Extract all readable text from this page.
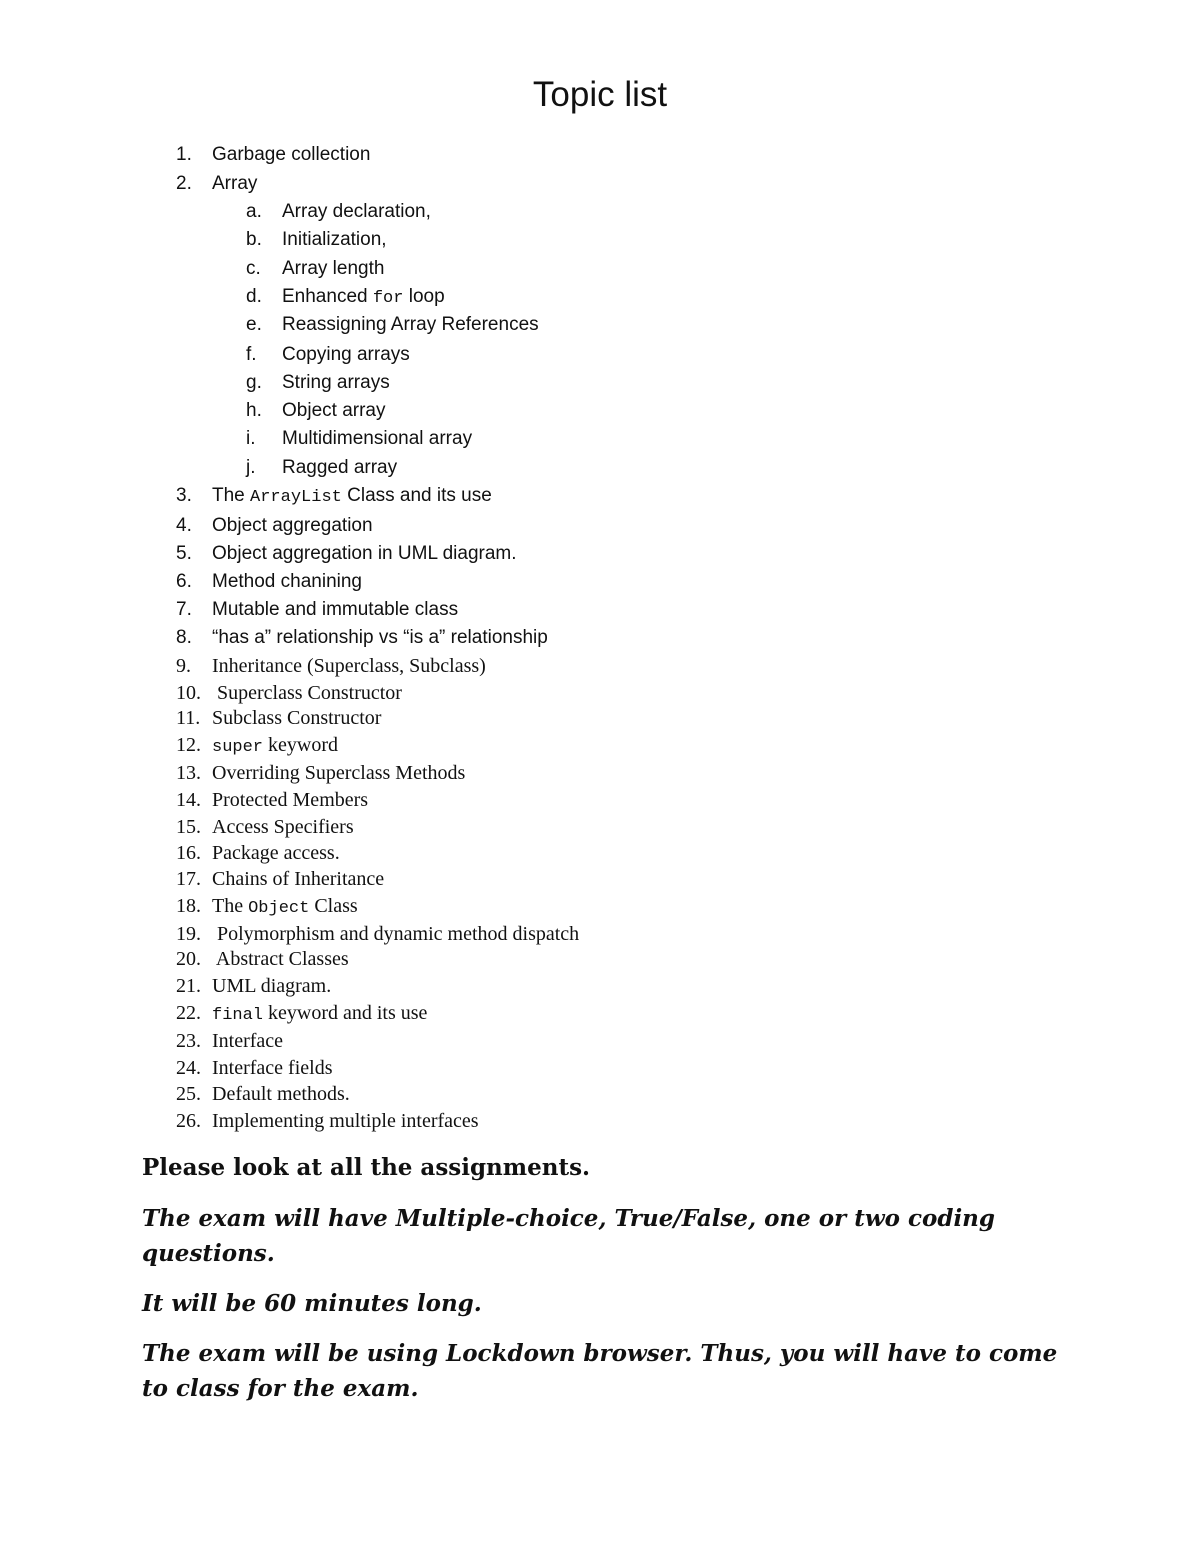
Topic list
1. Garbage collection
2. Array
a. Array declaration,
b. Initialization,
c. Array length
d. Enhanced for loop
e. Reassigning Array References
f. Copying arrays
g. String arrays
h. Object array
i. Multidimensional array
j. Ragged array
3. The ArrayList Class and its use
4. Object aggregation
5. Object aggregation in UML diagram.
6. Method chanining
7. Mutable and immutable class
8. “has a” relationship vs “is a” relationship
9. Inheritance (Superclass, Subclass)
10. Superclass Constructor
11. Subclass Constructor
12. super keyword
13. Overriding Superclass Methods
14. Protected Members
15. Access Specifiers
16. Package access.
17. Chains of Inheritance
18. The Object Class
19. Polymorphism and dynamic method dispatch
20. Abstract Classes
21. UML diagram.
22. final keyword and its use
23. Interface
24. Interface fields
25. Default methods.
26. Implementing multiple interfaces
Please look at all the assignments.
The exam will have Multiple-choice, True/False, one or two coding questions.
It will be 60 minutes long.
The exam will be using Lockdown browser. Thus, you will have to come to class for the exam.
